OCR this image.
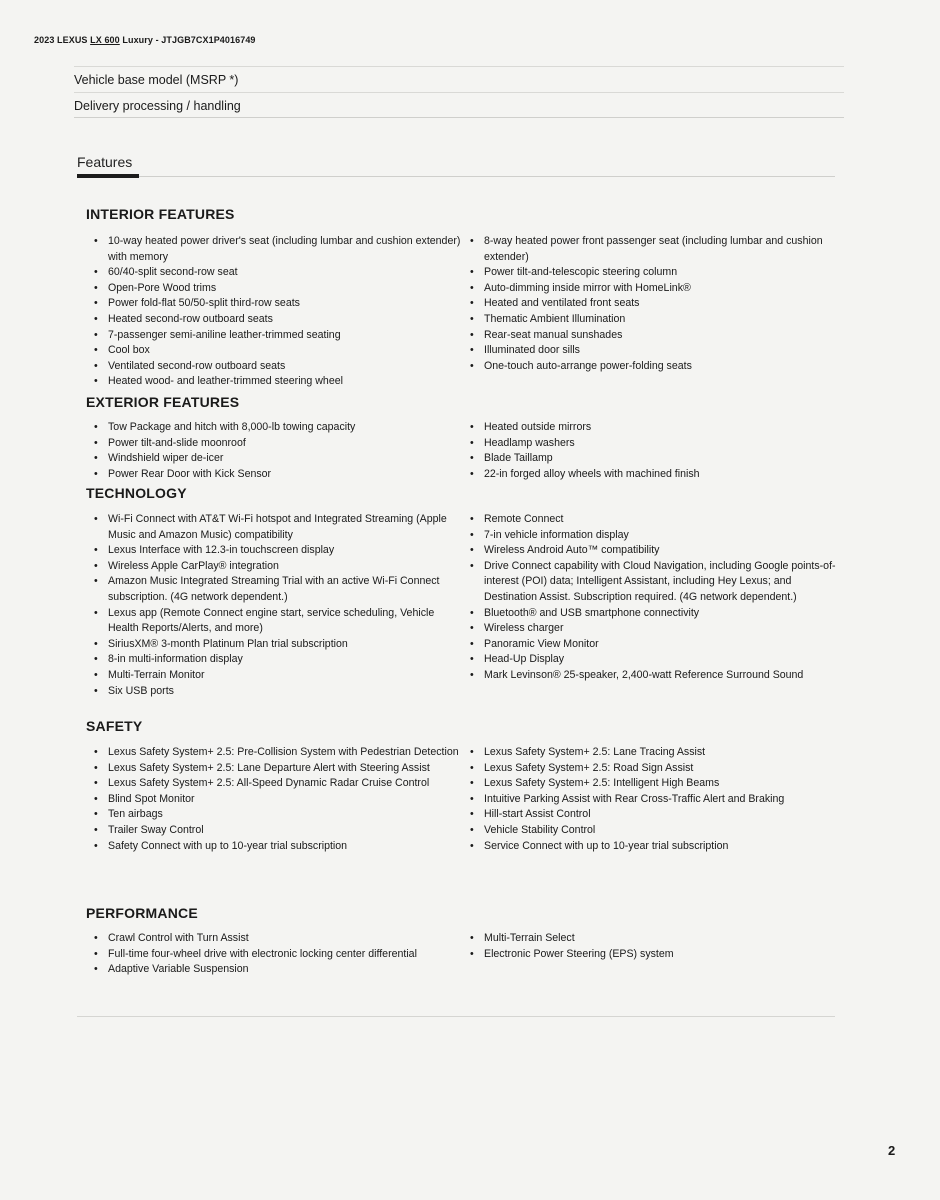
2023 LEXUS LX 600 Luxury - JTJGB7CX1P4016749
Vehicle base model (MSRP *)
Delivery processing / handling
Features
INTERIOR FEATURES
• 10-way heated power driver's seat (including lumbar and cushion extender) with memory
• 60/40-split second-row seat
• Open-Pore Wood trims
• Power fold-flat 50/50-split third-row seats
• Heated second-row outboard seats
• 7-passenger semi-aniline leather-trimmed seating
• Cool box
• Ventilated second-row outboard seats
• Heated wood- and leather-trimmed steering wheel
• 8-way heated power front passenger seat (including lumbar and cushion extender)
• Power tilt-and-telescopic steering column
• Auto-dimming inside mirror with HomeLink®
• Heated and ventilated front seats
• Thematic Ambient Illumination
• Rear-seat manual sunshades
• Illuminated door sills
• One-touch auto-arrange power-folding seats
EXTERIOR FEATURES
• Tow Package and hitch with 8,000-lb towing capacity
• Power tilt-and-slide moonroof
• Windshield wiper de-icer
• Power Rear Door with Kick Sensor
• Heated outside mirrors
• Headlamp washers
• Blade Taillamp
• 22-in forged alloy wheels with machined finish
TECHNOLOGY
• Wi-Fi Connect with AT&T Wi-Fi hotspot and Integrated Streaming (Apple Music and Amazon Music) compatibility
• Lexus Interface with 12.3-in touchscreen display
• Wireless Apple CarPlay® integration
• Amazon Music Integrated Streaming Trial with an active Wi-Fi Connect subscription. (4G network dependent.)
• Lexus app (Remote Connect engine start, service scheduling, Vehicle Health Reports/Alerts, and more)
• SiriusXM® 3-month Platinum Plan trial subscription
• 8-in multi-information display
• Multi-Terrain Monitor
• Six USB ports
• Remote Connect
• 7-in vehicle information display
• Wireless Android Auto™ compatibility
• Drive Connect capability with Cloud Navigation, including Google points-of-interest (POI) data; Intelligent Assistant, including Hey Lexus; and Destination Assist. Subscription required. (4G network dependent.)
• Bluetooth® and USB smartphone connectivity
• Wireless charger
• Panoramic View Monitor
• Head-Up Display
• Mark Levinson® 25-speaker, 2,400-watt Reference Surround Sound
SAFETY
• Lexus Safety System+ 2.5: Pre-Collision System with Pedestrian Detection
• Lexus Safety System+ 2.5: Lane Departure Alert with Steering Assist
• Lexus Safety System+ 2.5: All-Speed Dynamic Radar Cruise Control
• Blind Spot Monitor
• Ten airbags
• Trailer Sway Control
• Safety Connect with up to 10-year trial subscription
• Lexus Safety System+ 2.5: Lane Tracing Assist
• Lexus Safety System+ 2.5: Road Sign Assist
• Lexus Safety System+ 2.5: Intelligent High Beams
• Intuitive Parking Assist with Rear Cross-Traffic Alert and Braking
• Hill-start Assist Control
• Vehicle Stability Control
• Service Connect with up to 10-year trial subscription
PERFORMANCE
• Crawl Control with Turn Assist
• Full-time four-wheel drive with electronic locking center differential
• Adaptive Variable Suspension
• Multi-Terrain Select
• Electronic Power Steering (EPS) system
2
